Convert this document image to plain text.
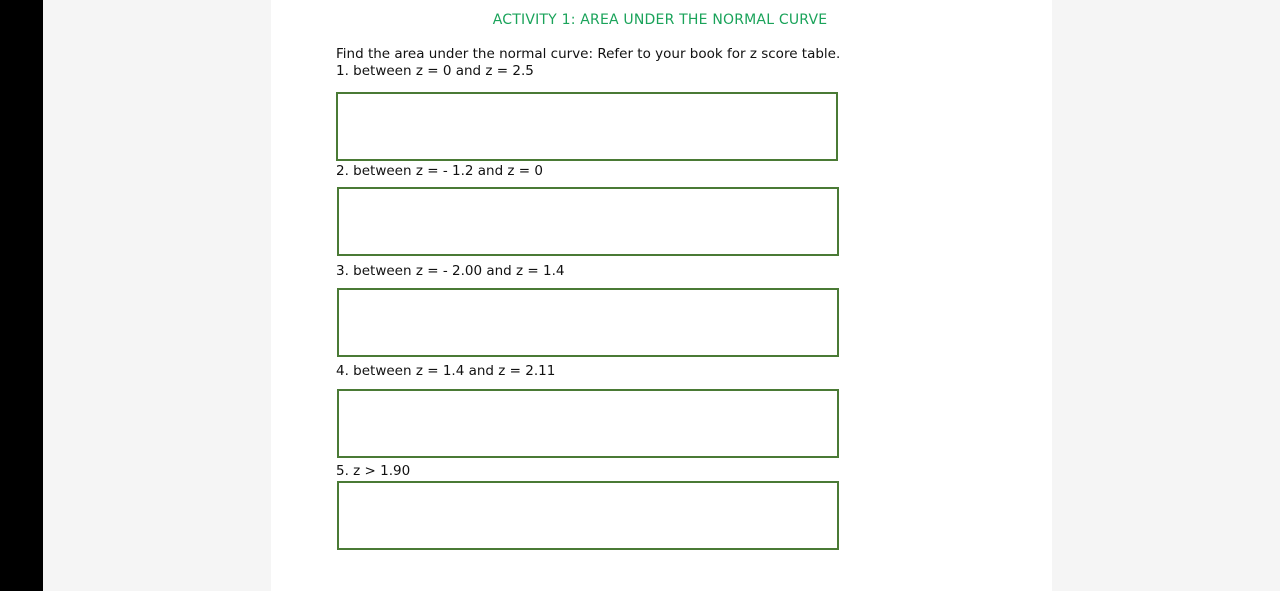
ACTIVITY 1: AREA UNDER THE NORMAL CURVE
Find the area under the normal curve: Refer to your book for z score table.
1. between z = 0 and z = 2.5
2. between z = - 1.2 and z = 0
3. between z = - 2.00 and z = 1.4
4. between z = 1.4 and z = 2.11
5. z > 1.90
